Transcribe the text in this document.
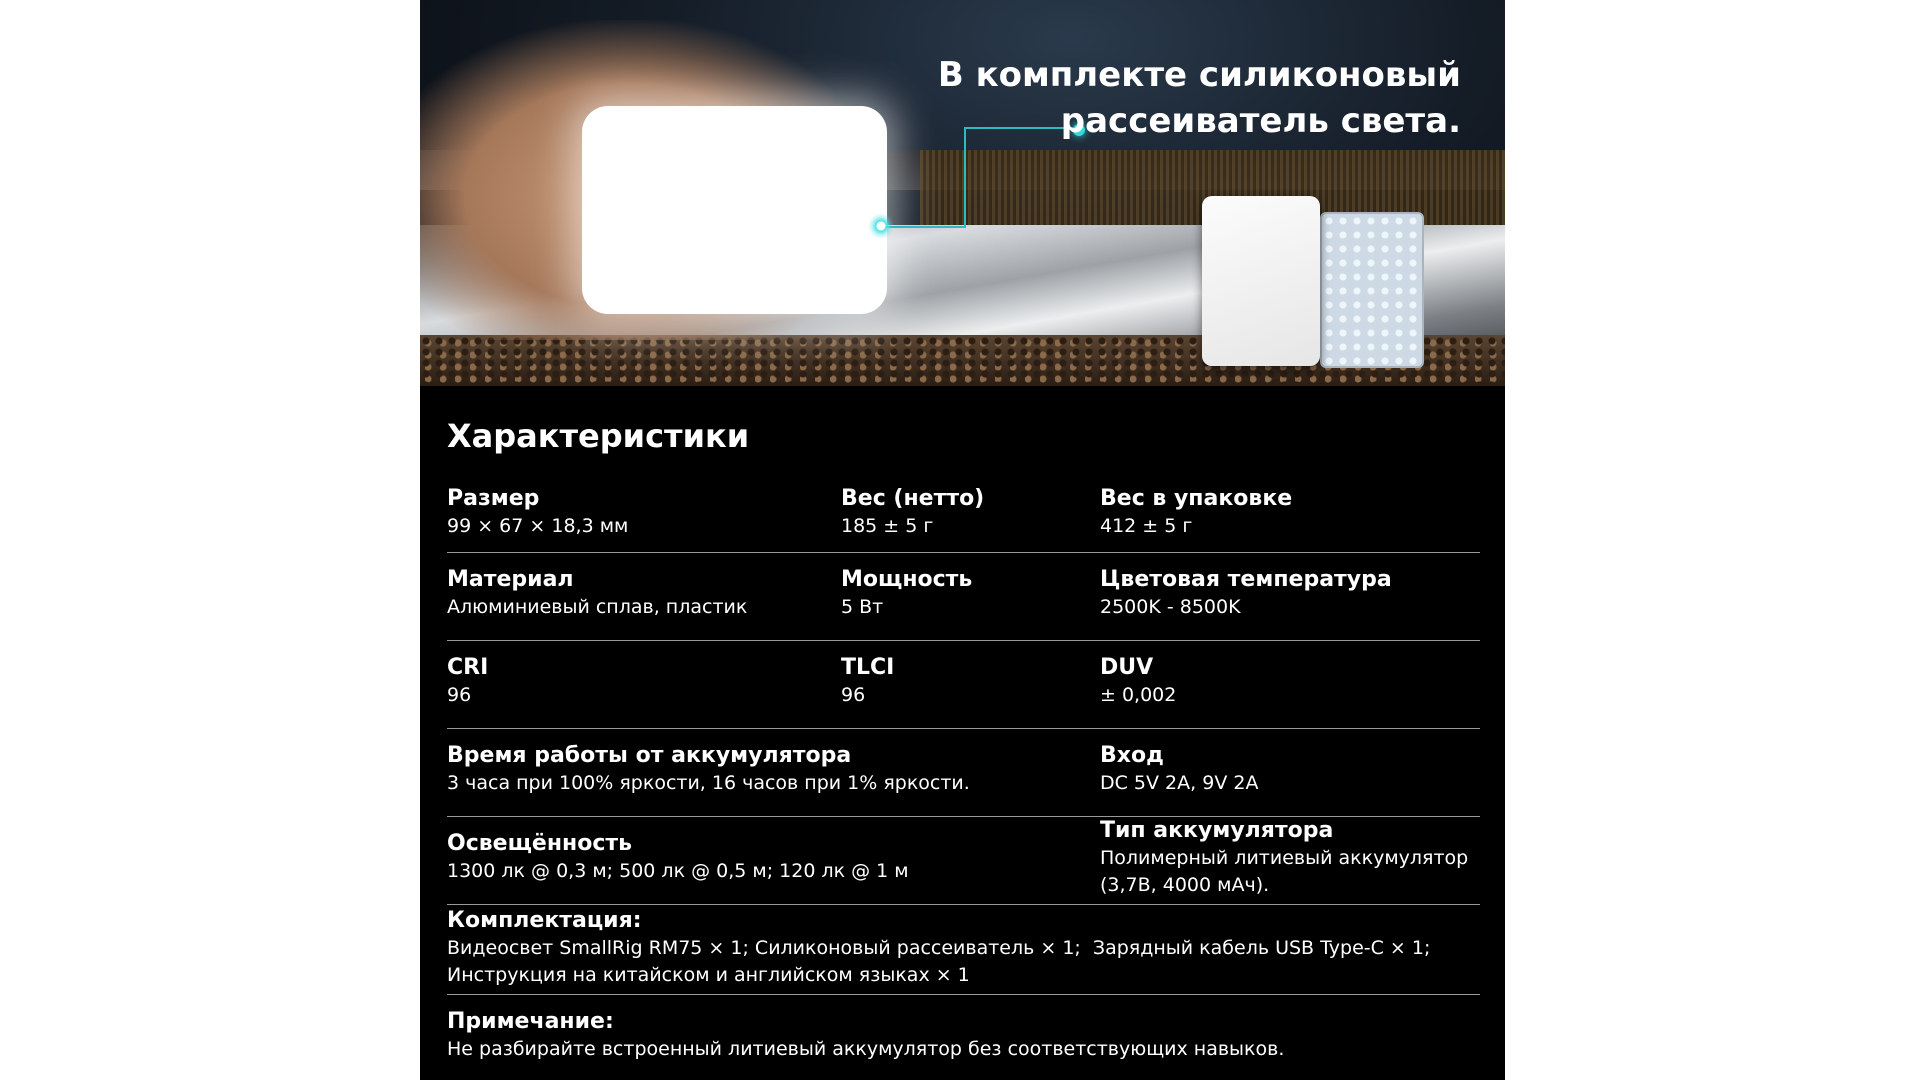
В комплекте силиконовый
рассеиватель света.
Характеристики
Размер
99 × 67 × 18,3 мм
Вес (нетто)
185 ± 5 г
Вес в упаковке
412 ± 5 г
Материал
Алюминиевый сплав, пластик
Мощность
5 Вт
Цветовая температура
2500K - 8500K
CRI
96
TLCI
96
DUV
± 0,002
Время работы от аккумулятора
3 часа при 100% яркости, 16 часов при 1% яркости.
Вход
DC 5V 2A, 9V 2A
Освещённость
1300 лк @ 0,3 м; 500 лк @ 0,5 м; 120 лк @ 1 м
Тип аккумулятора
Полимерный литиевый аккумулятор
(3,7В, 4000 мАч).
Комплектация:
Видеосвет SmallRig RM75 × 1; Силиконовый рассеиватель × 1;  Зарядный кабель USB Type-C × 1;
Инструкция на китайском и английском языках × 1
Примечание:
Не разбирайте встроенный литиевый аккумулятор без соответствующих навыков.
